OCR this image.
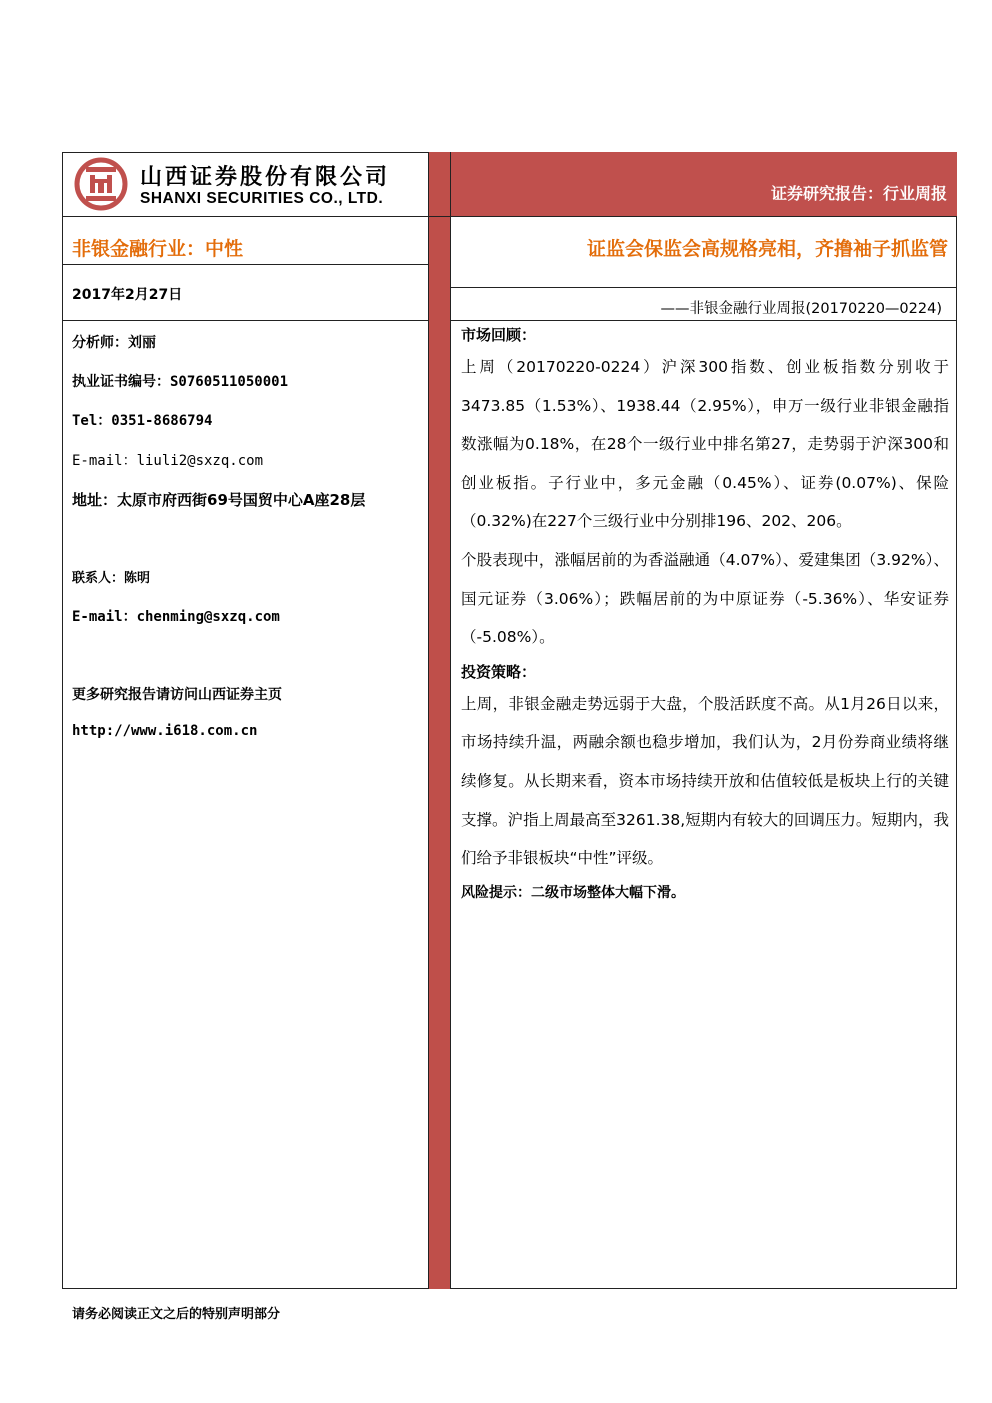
山西证券股份有限公司
SHANXI SECURITIES CO., LTD.	证券研究报告：行业周报
非银金融行业：中性
2017年2月27日
分析师：刘丽
执业证书编号：S0760511050001
Tel：0351-8686794
E-mail：liuli2@sxzq.com
地址：太原市府西街69号国贸中心A座28层
联系人：陈明
E-mail：chenming@sxzq.com
更多研究报告请访问山西证券主页
http://www.i618.com.cn
证监会保监会高规格亮相，齐撸袖子抓监管
——非银金融行业周报(20170220—0224)
市场回顾：

上周（20170220-0224）沪深300指数、创业板指数分别收于3473.85（1.53%）、1938.44（2.95%），申万一级行业非银金融指数涨幅为0.18%，在28个一级行业中排名第27，走势弱于沪深300和创业板指。子行业中，多元金融（0.45%）、证券(0.07%)、保险（0.32%)在227个三级行业中分别排196、202、206。

个股表现中，涨幅居前的为香溢融通（4.07%）、爱建集团（3.92%）、国元证券（3.06%）；跌幅居前的为中原证券（-5.36%）、华安证券（-5.08%）。

投资策略：

上周，非银金融走势远弱于大盘，个股活跃度不高。从1月26日以来，市场持续升温，两融余额也稳步增加，我们认为，2月份券商业绩将继续修复。从长期来看，资本市场持续开放和估值较低是板块上行的关键支撑。沪指上周最高至3261.38,短期内有较大的回调压力。短期内，我们给予非银板块“中性”评级。

风险提示：二级市场整体大幅下滑。
请务必阅读正文之后的特别声明部分
